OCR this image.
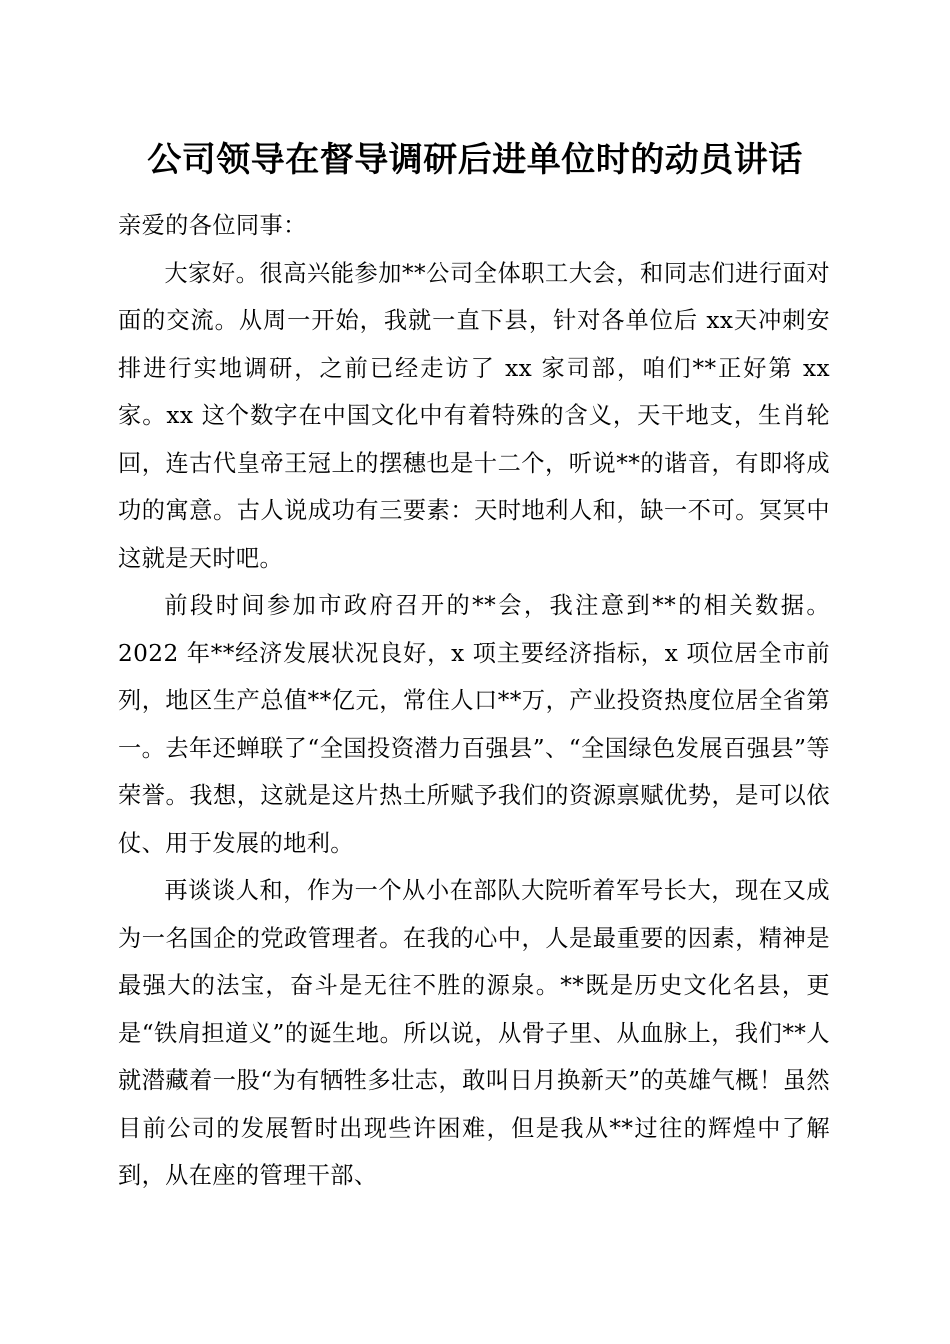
公司领导在督导调研后进单位时的动员讲话

亲爱的各位同事：

大家好。很高兴能参加**公司全体职工大会，和同志们进行面对面的交流。从周一开始，我就一直下县，针对各单位后 xx天冲刺安排进行实地调研，之前已经走访了 xx 家司部，咱们**正好第 xx 家。xx 这个数字在中国文化中有着特殊的含义，天干地支，生肖轮回，连古代皇帝王冠上的摆穗也是十二个，听说**的谐音，有即将成功的寓意。古人说成功有三要素：天时地利人和，缺一不可。冥冥中这就是天时吧。

前段时间参加市政府召开的**会，我注意到**的相关数据。2022 年**经济发展状况良好，x 项主要经济指标，x 项位居全市前列，地区生产总值**亿元，常住人口**万，产业投资热度位居全省第一。去年还蝉联了“全国投资潜力百强县”、“全国绿色发展百强县”等荣誉。我想，这就是这片热土所赋予我们的资源禀赋优势，是可以依仗、用于发展的地利。

再谈谈人和，作为一个从小在部队大院听着军号长大，现在又成为一名国企的党政管理者。在我的心中，人是最重要的因素，精神是最强大的法宝，奋斗是无往不胜的源泉。**既是历史文化名县，更是“铁肩担道义”的诞生地。所以说，从骨子里、从血脉上，我们**人就潜藏着一股“为有牺牲多壮志，敢叫日月换新天”的英雄气概！虽然目前公司的发展暂时出现些许困难，但是我从**过往的辉煌中了解到，从在座的管理干部、
